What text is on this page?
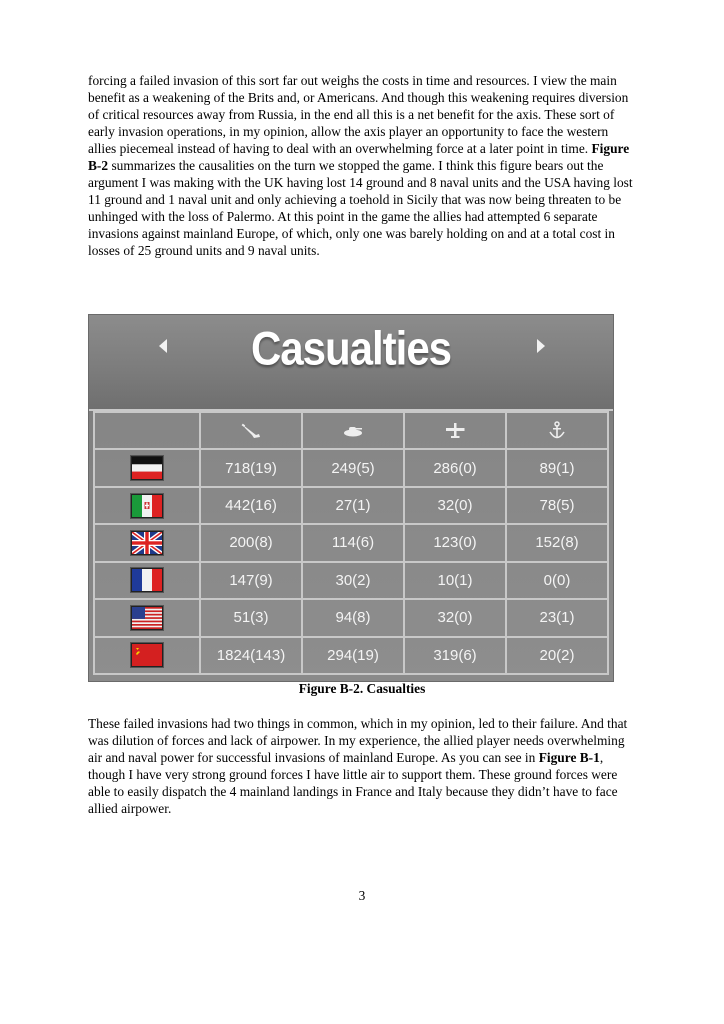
forcing a failed invasion of this sort far out weighs the costs in time and resources. I view the main benefit as a weakening of the Brits and, or Americans. And though this weakening requires diversion of critical resources away from Russia, in the end all this is a net benefit for the axis. These sort of early invasion operations, in my opinion, allow the axis player an opportunity to face the western allies piecemeal instead of having to deal with an overwhelming force at a later point in time. Figure B-2 summarizes the causalities on the turn we stopped the game. I think this figure bears out the argument I was making with the UK having lost 14 ground and 8 naval units and the USA having lost 11 ground and 1 naval unit and only achieving a toehold in Sicily that was now being threaten to be unhinged with the loss of Palermo. At this point in the game the allies had attempted 6 separate invasions against mainland Europe, of which, only one was barely holding on and at a total cost in losses of 25 ground units and 9 naval units.

Casualties

	718(19)	249(5)	286(0)	89(1)

	442(16)	27(1)	32(0)	78(5)

	200(8)	114(6)	123(0)	152(8)

	147(9)	30(2)	10(1)	0(0)

	51(3)	94(8)	32(0)	23(1)

	1824(143)	294(19)	319(6)	20(2)
Figure B-2. Casualties

These failed invasions had two things in common, which in my opinion, led to their failure. And that was dilution of forces and lack of airpower. In my experience, the allied player needs overwhelming air and naval power for successful invasions of mainland Europe. As you can see in Figure B-1, though I have very strong ground forces I have little air to support them. These ground forces were able to easily dispatch the 4 mainland landings in France and Italy because they didn’t have to face allied airpower.

3
